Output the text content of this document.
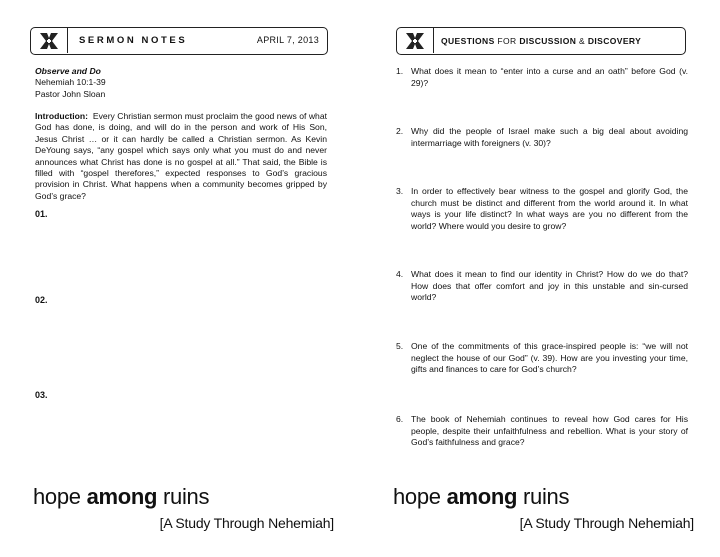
SERMON NOTES	APRIL 7, 2013

Observe and Do

Nehemiah 10:1-39

Pastor John Sloan

Introduction: Every Christian sermon must proclaim the good news of what God has done, is doing, and will do in the person and work of His Son, Jesus Christ … or it can hardly be called a Christian sermon. As Kevin DeYoung says, “any gospel which says only what you must do and never announces what Christ has done is no gospel at all.” That said, the Bible is filled with “gospel therefores,” expected responses to God’s gracious provision in Christ. What happens when a community becomes gripped by God’s grace?

01.
02.
03.
hope among ruins
[A Study Through Nehemiah]
QUESTIONS FOR DISCUSSION & DISCOVERY
1. What does it mean to “enter into a curse and an oath” before God (v. 29)?
2. Why did the people of Israel make such a big deal about avoiding intermarriage with foreigners (v. 30)?
3. In order to effectively bear witness to the gospel and glorify God, the church must be distinct and different from the world around it. In what ways is your life distinct? In what ways are you no different from the world? Where would you desire to grow?
4. What does it mean to find our identity in Christ? How do we do that? How does that offer comfort and joy in this unstable and sin-cursed world?
5. One of the commitments of this grace-inspired people is: “we will not neglect the house of our God” (v. 39). How are you investing your time, gifts and finances to care for God’s church?
6. The book of Nehemiah continues to reveal how God cares for His people, despite their unfaithfulness and rebellion. What is your story of God’s faithfulness and grace?
hope among ruins
[A Study Through Nehemiah]
